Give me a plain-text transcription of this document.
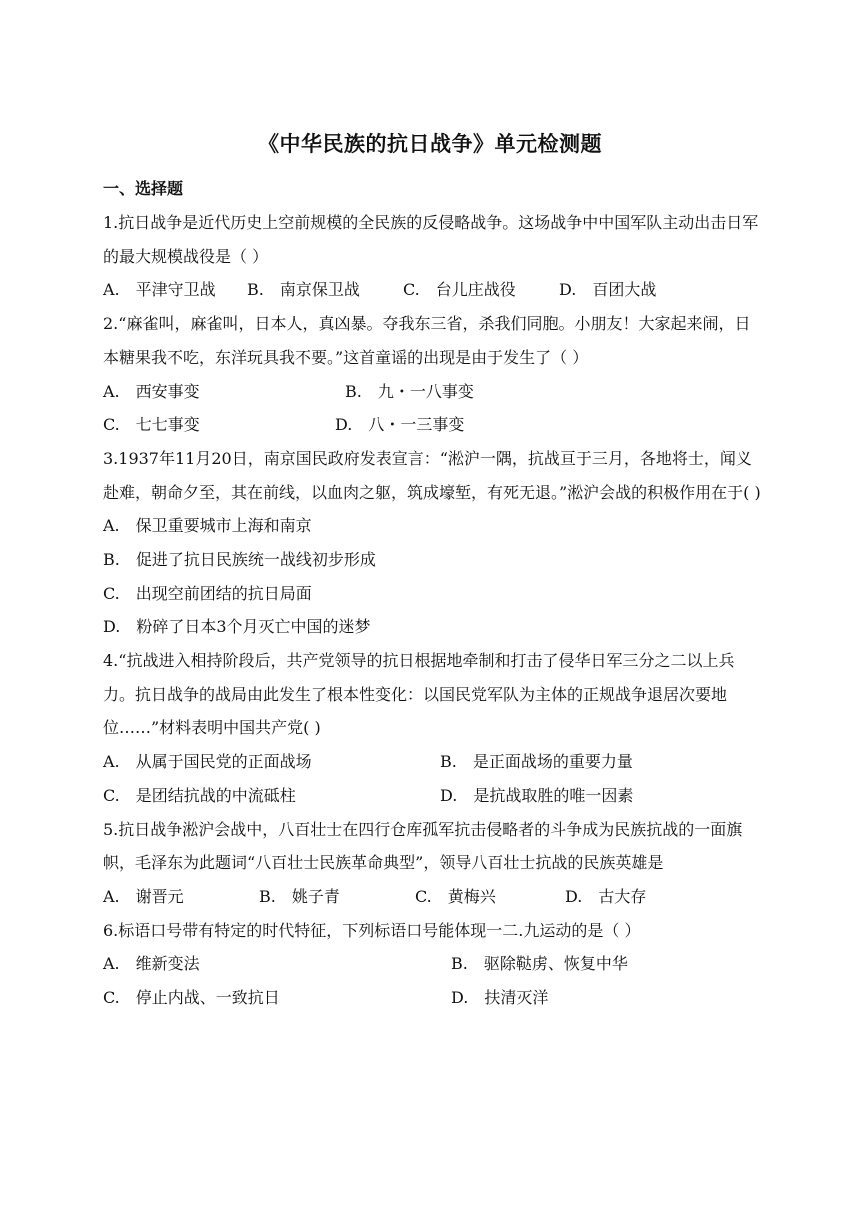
《中华民族的抗日战争》单元检测题
一、选择题

1.抗日战争是近代历史上空前规模的全民族的反侵略战争。这场战争中中国军队主动出击日军的最大规模战役是（ ）

A.　平津守卫战	B.　南京保卫战	C.　台儿庄战役	D.　百团大战

2.“麻雀叫，麻雀叫，日本人，真凶暴。夺我东三省，杀我们同胞。小朋友！大家起来闹，日本糖果我不吃，东洋玩具我不要。”这首童谣的出现是由于发生了（ ）

A.　西安事变	B.　九・一八事变
C.　七七事变	D.　八・一三事变

3.1937年11月20日，南京国民政府发表宣言：“淞沪一隅，抗战亘于三月，各地将士，闻义赴难，朝命夕至，其在前线，以血肉之躯，筑成壕堑，有死无退。”淞沪会战的积极作用在于( )

A.　保卫重要城市上海和南京
B.　促进了抗日民族统一战线初步形成
C.　出现空前团结的抗日局面
D.　粉碎了日本3个月灭亡中国的迷梦

4.“抗战进入相持阶段后，共产党领导的抗日根据地牵制和打击了侵华日军三分之二以上兵力。抗日战争的战局由此发生了根本性变化：以国民党军队为主体的正规战争退居次要地位……”材料表明中国共产党( )

A.　从属于国民党的正面战场	B.　是正面战场的重要力量
C.　是团结抗战的中流砥柱	D.　是抗战取胜的唯一因素

5.抗日战争淞沪会战中，八百壮士在四行仓库孤军抗击侵略者的斗争成为民族抗战的一面旗帜，毛泽东为此题词“八百壮士民族革命典型”，领导八百壮士抗战的民族英雄是

A.　谢晋元	B.　姚子青	C.　黄梅兴	D.　古大存

6.标语口号带有特定的时代特征，下列标语口号能体现一二.九运动的是（ ）

A.　维新变法	B.　驱除鞑虏、恢复中华
C.　停止内战、一致抗日	D.　扶清灭洋
